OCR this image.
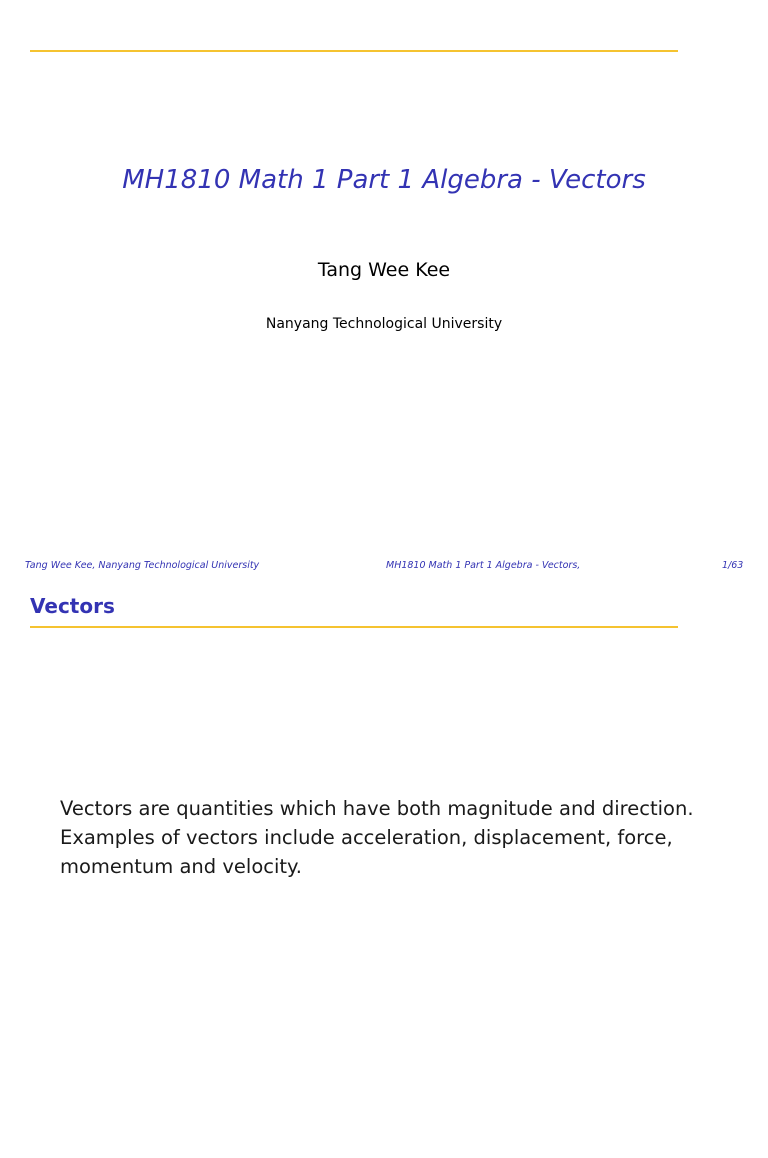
MH1810 Math 1 Part 1 Algebra - Vectors
Tang Wee Kee
Nanyang Technological University
Tang Wee Kee, Nanyang Technological University	MH1810 Math 1 Part 1 Algebra - Vectors,	1/63
Vectors
Vectors are quantities which have both magnitude and direction.
Examples of vectors include acceleration, displacement, force,
momentum and velocity.
